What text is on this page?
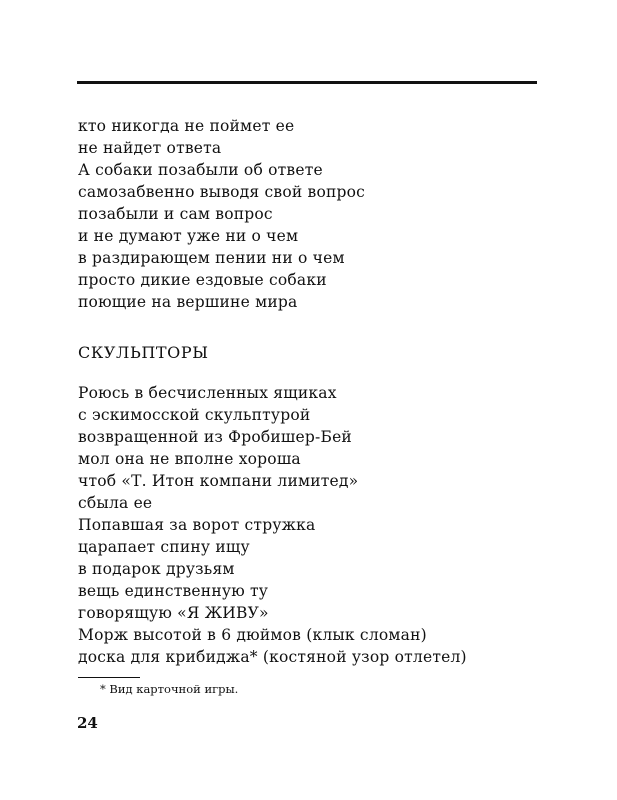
кто никогда не поймет ее
не найдет ответа
А собаки позабыли об ответе
самозабвенно выводя свой вопрос
позабыли и сам вопрос
и не думают уже ни о чем
в раздирающем пении ни о чем
просто дикие ездовые собаки
поющие на вершине мира
СКУЛЬПТОРЫ
Роюсь в бесчисленных ящиках
с эскимосской скульптурой
возвращенной из Фробишер-Бей
мол она не вполне хороша
чтоб «Т. Итон компани лимитед»
сбыла ее
Попавшая за ворот стружка
царапает спину ищу
в подарок друзьям
вещь единственную ту
говорящую «Я ЖИВУ»
Морж высотой в 6 дюймов (клык сломан)
доска для крибиджа* (костяной узор отлетел)
* Вид карточной игры.
24
